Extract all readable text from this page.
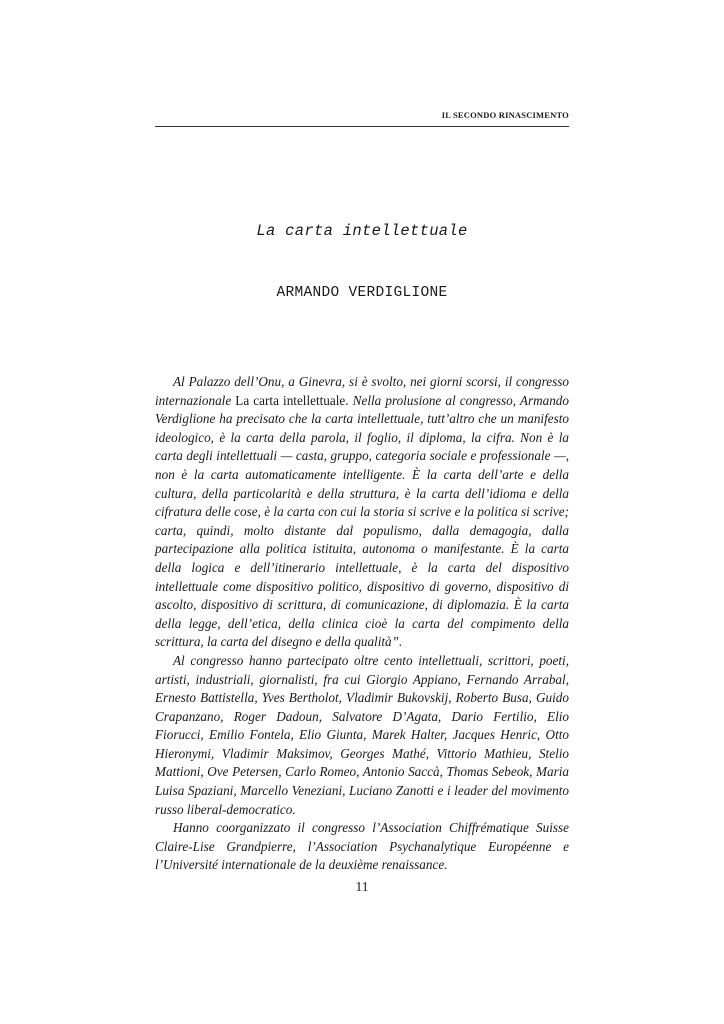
IL SECONDO RINASCIMENTO
La carta intellettuale
ARMANDO VERDIGLIONE

Al Palazzo dell’Onu, a Ginevra, si è svolto, nei giorni scorsi, il congresso internazionale La carta intellettuale. Nella prolusione al congresso, Armando Verdiglione ha precisato che la carta intellettuale, tutt’altro che un manifesto ideologico, è la carta della parola, il foglio, il diploma, la cifra. Non è la carta degli intellettuali — casta, gruppo, categoria sociale e professionale —, non è la carta automaticamente intelligente. È la carta dell’arte e della cultura, della particolarità e della struttura, è la carta dell’idioma e della cifratura delle cose, è la carta con cui la storia si scrive e la politica si scrive; carta, quindi, molto distante dal populismo, dalla demagogia, dalla partecipazione alla politica istituita, autonoma o manifestante. È la carta della logica e dell’itinerario intellettuale, è la carta del dispositivo intellettuale come dispositivo politico, dispositivo di governo, dispositivo di ascolto, dispositivo di scrittura, di comunicazione, di diplomazia. È la carta della legge, dell’etica, della clinica cioè la carta del compimento della scrittura, la carta del disegno e della qualità”.

Al congresso hanno partecipato oltre cento intellettuali, scrittori, poeti, artisti, industriali, giornalisti, fra cui Giorgio Appiano, Fernando Arrabal, Ernesto Battistella, Yves Bertholot, Vladimir Bukovskij, Roberto Busa, Guido Crapanzano, Roger Dadoun, Salvatore D’Agata, Dario Fertilio, Elio Fiorucci, Emilio Fontela, Elio Giunta, Marek Halter, Jacques Henric, Otto Hieronymi, Vladimir Maksimov, Georges Mathé, Vittorio Mathieu, Stelio Mattioni, Ove Petersen, Carlo Romeo, Antonio Saccà, Thomas Sebeok, Maria Luisa Spaziani, Marcello Veneziani, Luciano Zanotti e i leader del movimento russo liberal-democratico.

Hanno coorganizzato il congresso l’Association Chiffrématique Suisse Claire-Lise Grandpierre, l’Association Psychanalytique Européenne e l’Université internationale de la deuxième renaissance.

11
